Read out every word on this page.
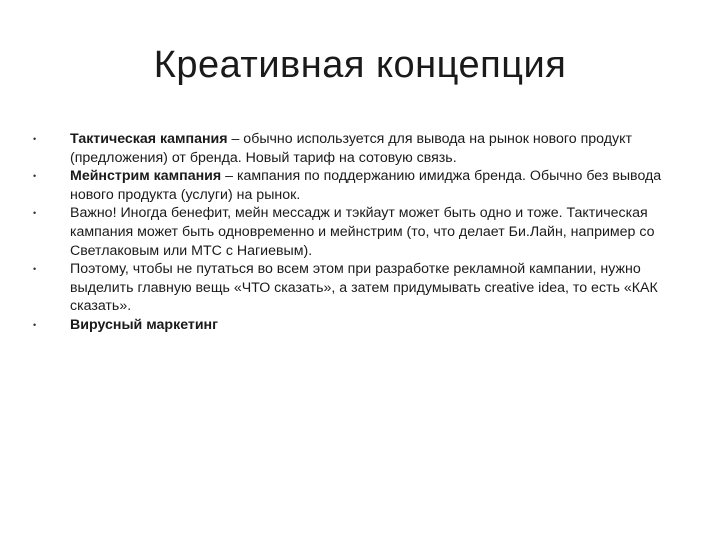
Креативная концепция
• Тактическая кампания – обычно используется для вывода на рынок нового продукт (предложения) от бренда. Новый тариф на сотовую связь.
• Мейнстрим кампания – кампания по поддержанию имиджа бренда. Обычно без вывода нового продукта (услуги) на рынок.
• Важно! Иногда бенефит, мейн мессадж и тэкйаут может быть одно и тоже. Тактическая кампания может быть одновременно и мейнстрим (то, что делает Би.Лайн, например со Светлаковым или МТС с Нагиевым).
• Поэтому, чтобы не путаться во всем этом при разработке рекламной кампании, нужно выделить главную вещь «ЧТО сказать», а затем придумывать creative idea, то есть «КАК сказать».
• Вирусный маркетинг
